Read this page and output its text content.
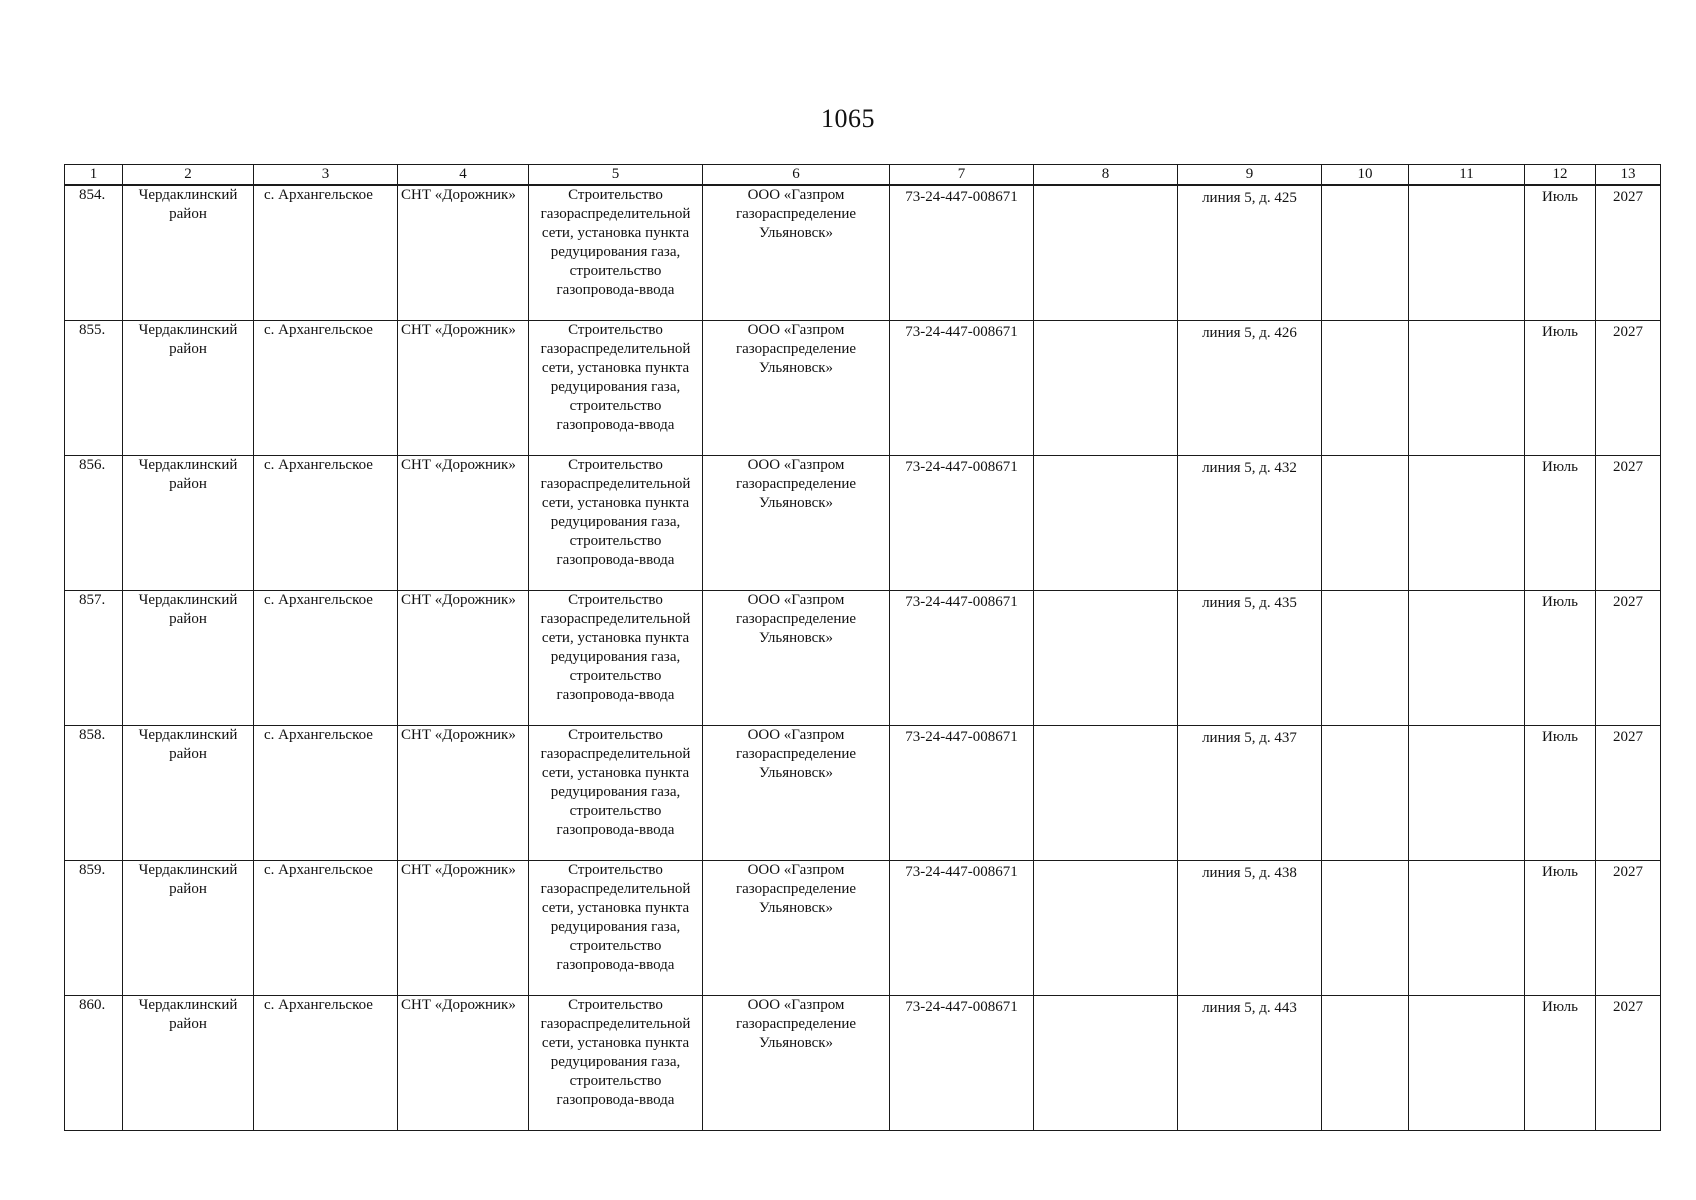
1065
1	2	3	4	5	6	7	8	9	10	11	12	13
854.	Чердаклинский район	с. Архангельское	СНТ «Дорожник»	Строительство газораспределительной сети, установка пункта редуцирования газа, строительство газопровода-ввода	ООО «Газпром газораспределение Ульяновск»	73-24-447-008671		линия 5, д. 425			Июль	2027
855.	Чердаклинский район	с. Архангельское	СНТ «Дорожник»	Строительство газораспределительной сети, установка пункта редуцирования газа, строительство газопровода-ввода	ООО «Газпром газораспределение Ульяновск»	73-24-447-008671		линия 5, д. 426			Июль	2027
856.	Чердаклинский район	с. Архангельское	СНТ «Дорожник»	Строительство газораспределительной сети, установка пункта редуцирования газа, строительство газопровода-ввода	ООО «Газпром газораспределение Ульяновск»	73-24-447-008671		линия 5, д. 432			Июль	2027
857.	Чердаклинский район	с. Архангельское	СНТ «Дорожник»	Строительство газораспределительной сети, установка пункта редуцирования газа, строительство газопровода-ввода	ООО «Газпром газораспределение Ульяновск»	73-24-447-008671		линия 5, д. 435			Июль	2027
858.	Чердаклинский район	с. Архангельское	СНТ «Дорожник»	Строительство газораспределительной сети, установка пункта редуцирования газа, строительство газопровода-ввода	ООО «Газпром газораспределение Ульяновск»	73-24-447-008671		линия 5, д. 437			Июль	2027
859.	Чердаклинский район	с. Архангельское	СНТ «Дорожник»	Строительство газораспределительной сети, установка пункта редуцирования газа, строительство газопровода-ввода	ООО «Газпром газораспределение Ульяновск»	73-24-447-008671		линия 5, д. 438			Июль	2027
860.	Чердаклинский район	с. Архангельское	СНТ «Дорожник»	Строительство газораспределительной сети, установка пункта редуцирования газа, строительство газопровода-ввода	ООО «Газпром газораспределение Ульяновск»	73-24-447-008671		линия 5, д. 443			Июль	2027
